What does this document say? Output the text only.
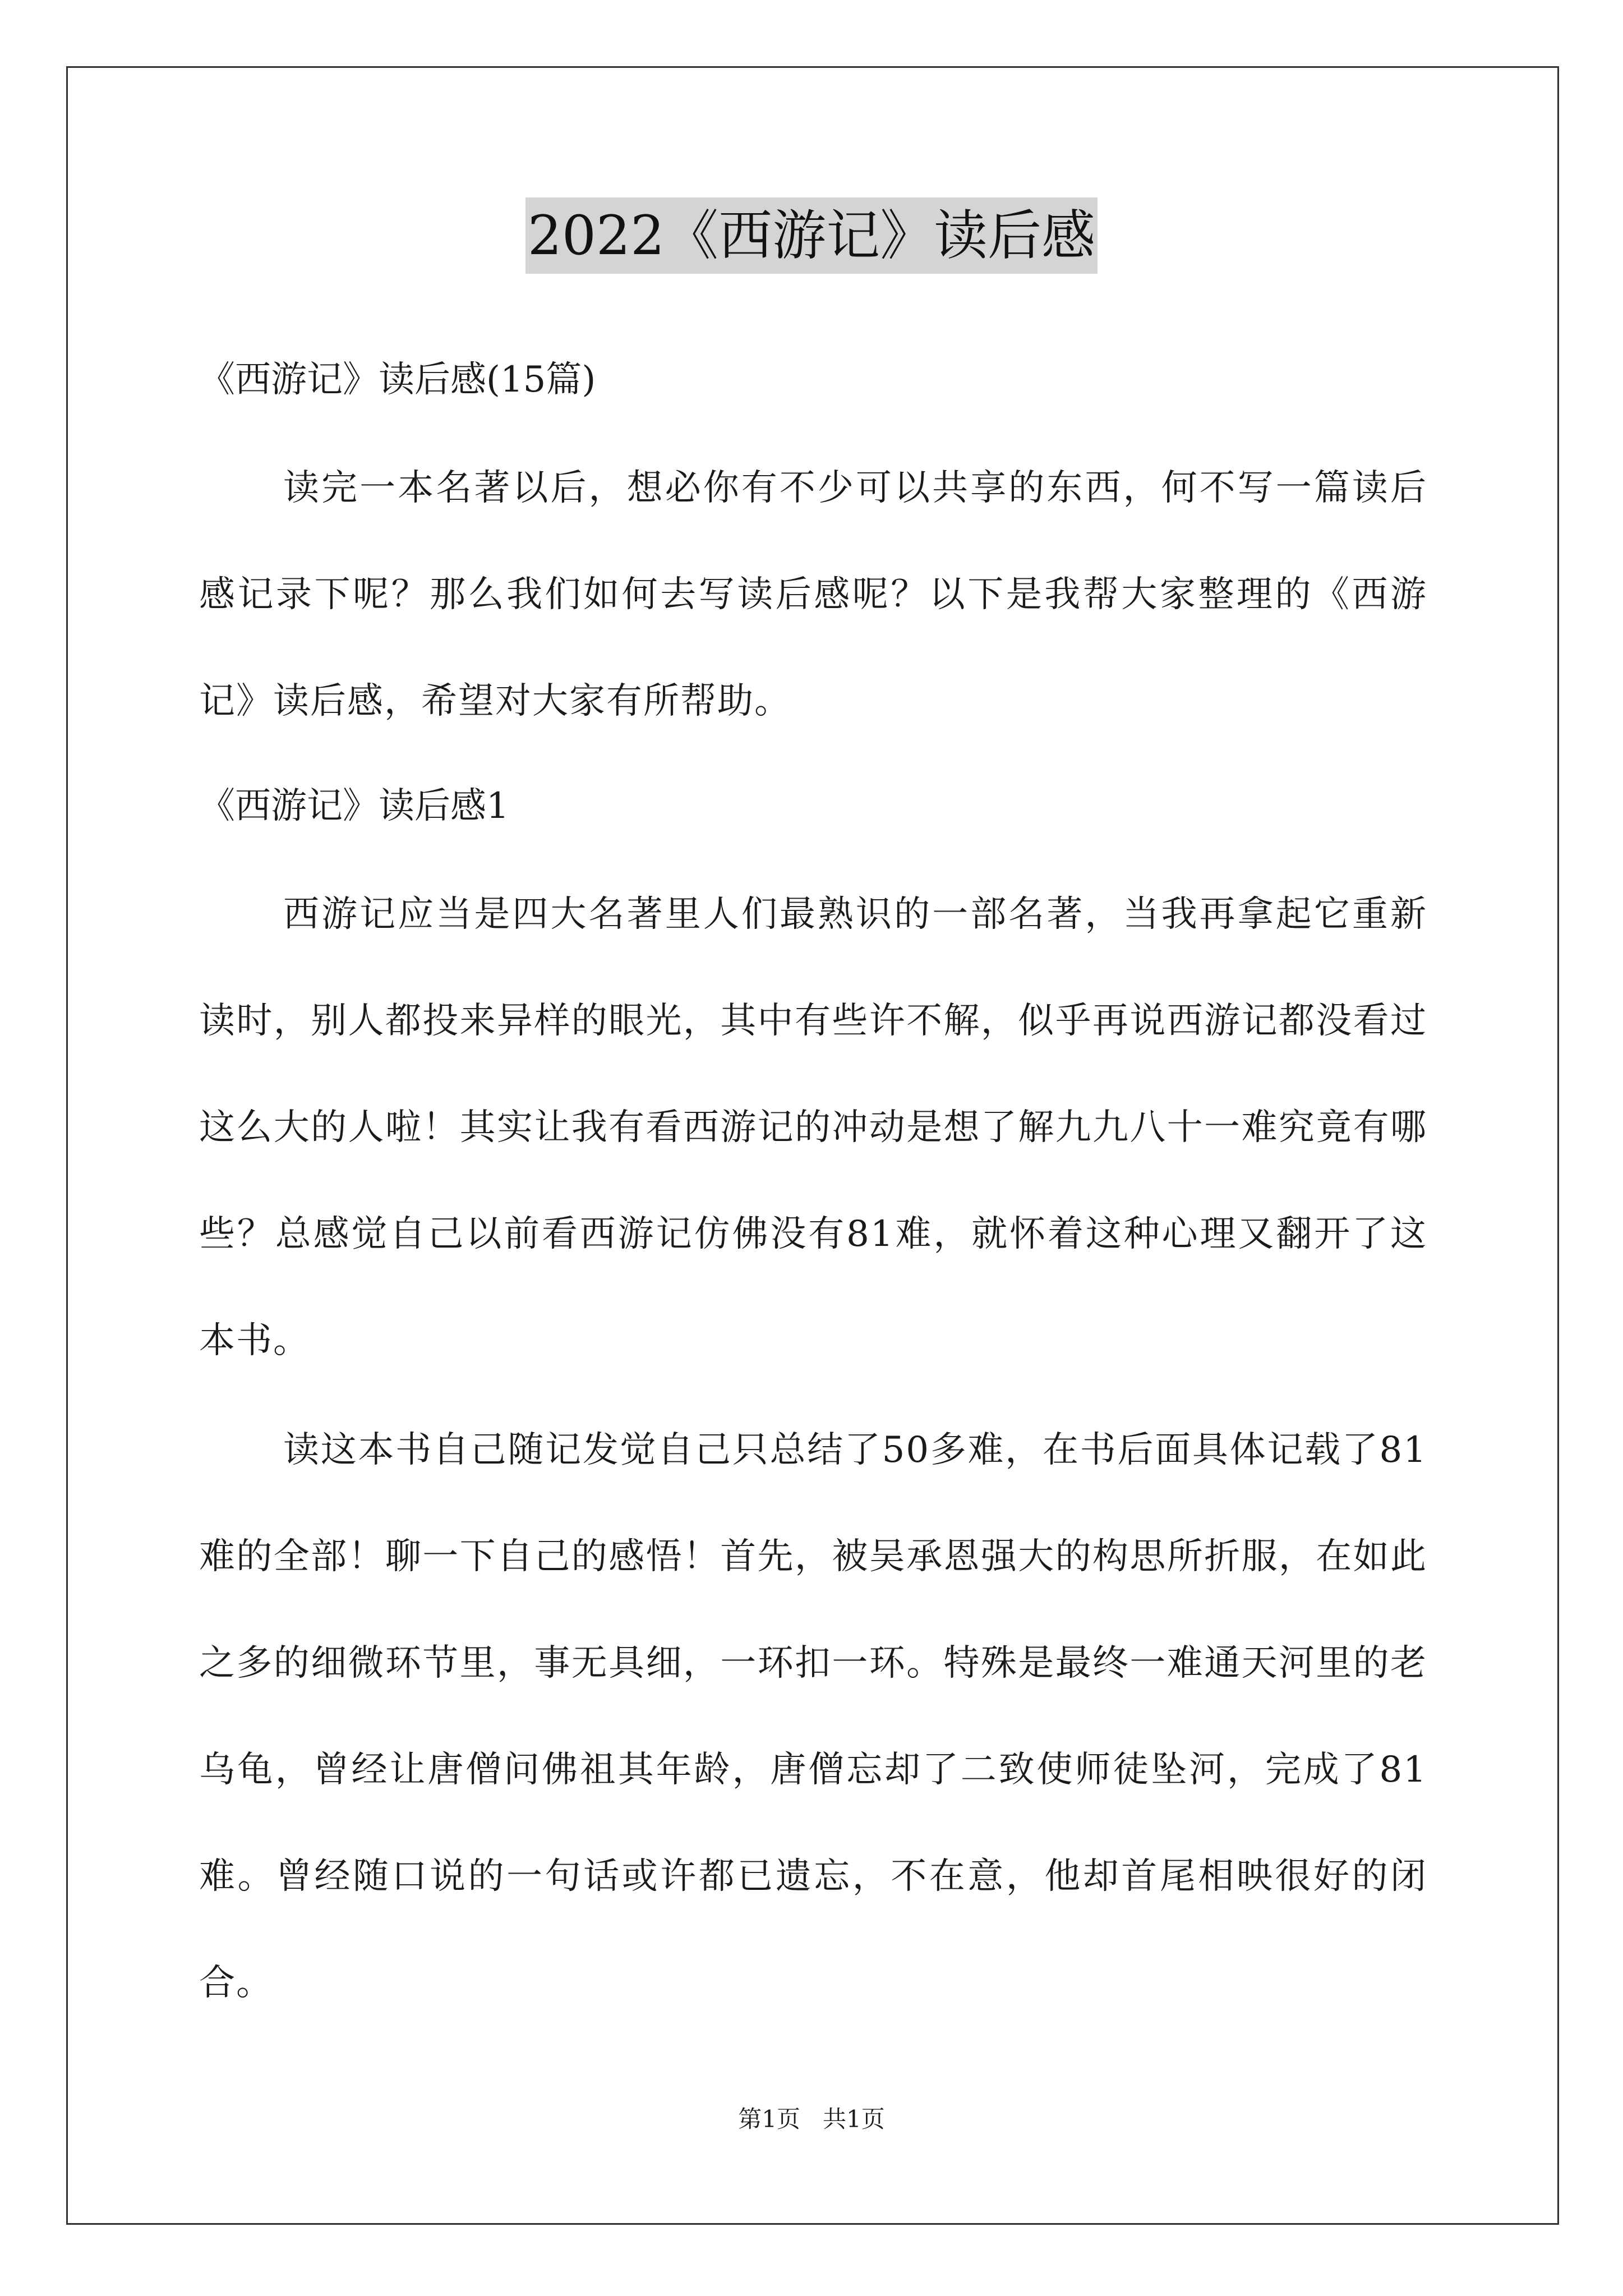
2022《西游记》读后感
《西游记》读后感(15篇)
读完一本名著以后，想必你有不少可以共享的东西，何不写一篇读后感记录下呢？那么我们如何去写读后感呢？以下是我帮大家整理的《西游记》读后感，希望对大家有所帮助。
《西游记》读后感1
西游记应当是四大名著里人们最熟识的一部名著，当我再拿起它重新读时，别人都投来异样的眼光，其中有些许不解，似乎再说西游记都没看过这么大的人啦！其实让我有看西游记的冲动是想了解九九八十一难究竟有哪些？总感觉自己以前看西游记仿佛没有81难，就怀着这种心理又翻开了这本书。
读这本书自己随记发觉自己只总结了50多难，在书后面具体记载了81难的全部！聊一下自己的感悟！首先，被吴承恩强大的构思所折服，在如此之多的细微环节里，事无具细，一环扣一环。特殊是最终一难通天河里的老乌龟，曾经让唐僧问佛祖其年龄，唐僧忘却了二致使师徒坠河，完成了81难。曾经随口说的一句话或许都已遗忘，不在意，他却首尾相映很好的闭合。
第1页   共1页
